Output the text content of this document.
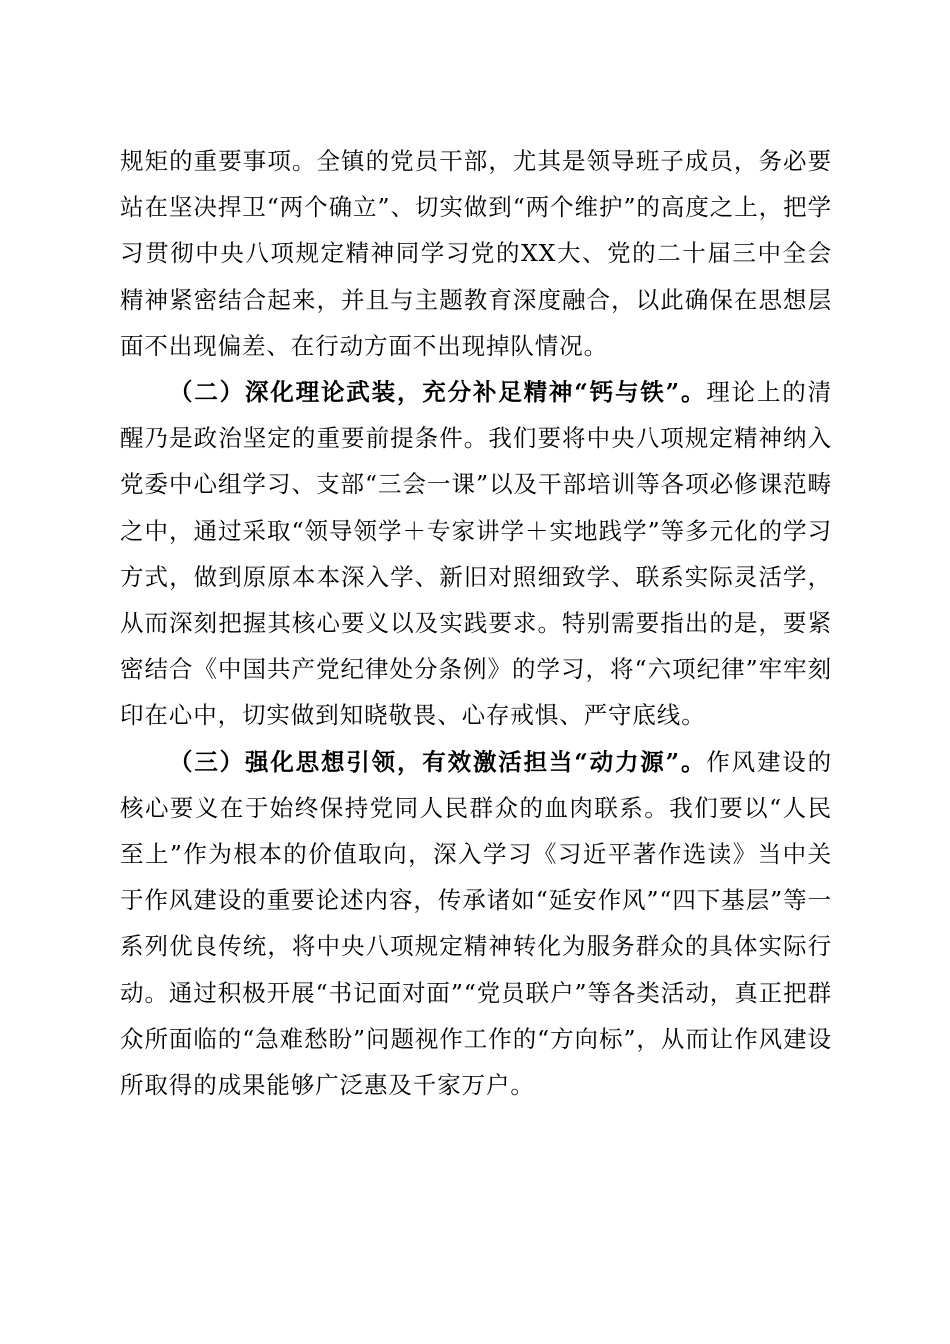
规矩的重要事项。全镇的党员干部，尤其是领导班子成员，务必要站在坚决捍卫“两个确立”、切实做到“两个维护”的高度之上，把学习贯彻中央八项规定精神同学习党的XX大、党的二十届三中全会精神紧密结合起来，并且与主题教育深度融合，以此确保在思想层面不出现偏差、在行动方面不出现掉队情况。

（二）深化理论武装，充分补足精神“钙与铁”。理论上的清醒乃是政治坚定的重要前提条件。我们要将中央八项规定精神纳入党委中心组学习、支部“三会一课”以及干部培训等各项必修课范畴之中，通过采取“领导领学＋专家讲学＋实地践学”等多元化的学习方式，做到原原本本深入学、新旧对照细致学、联系实际灵活学，从而深刻把握其核心要义以及实践要求。特别需要指出的是，要紧密结合《中国共产党纪律处分条例》的学习，将“六项纪律”牢牢刻印在心中，切实做到知晓敬畏、心存戒惧、严守底线。

（三）强化思想引领，有效激活担当“动力源”。作风建设的核心要义在于始终保持党同人民群众的血肉联系。我们要以“人民至上”作为根本的价值取向，深入学习《习近平著作选读》当中关于作风建设的重要论述内容，传承诸如“延安作风”“四下基层”等一系列优良传统，将中央八项规定精神转化为服务群众的具体实际行动。通过积极开展“书记面对面”“党员联户”等各类活动，真正把群众所面临的“急难愁盼”问题视作工作的“方向标”，从而让作风建设所取得的成果能够广泛惠及千家万户。
